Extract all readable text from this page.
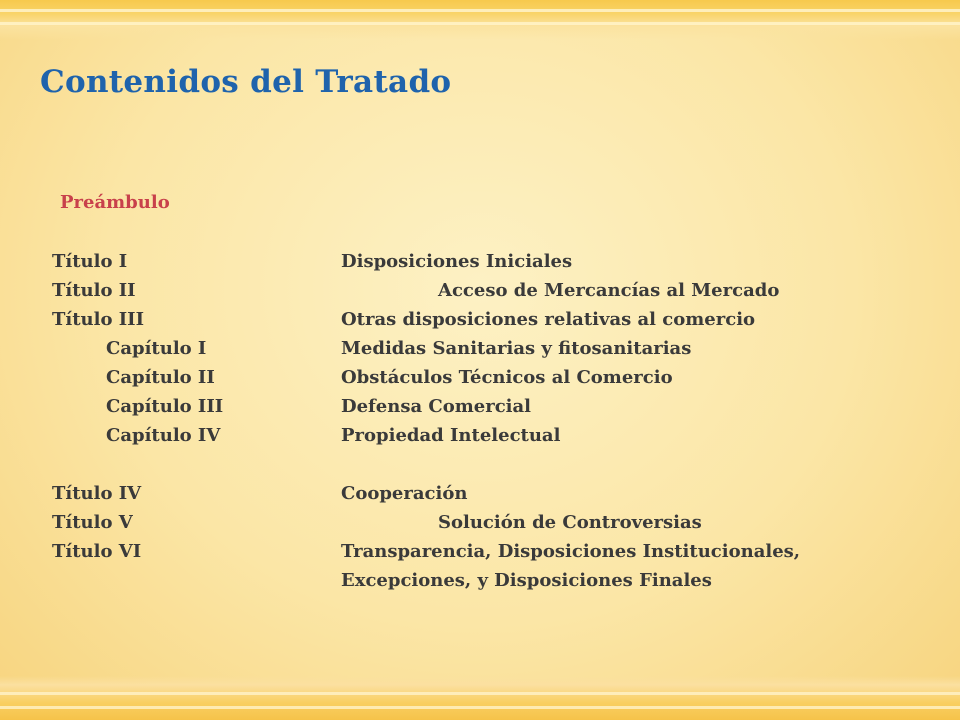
Contenidos del Tratado
Preámbulo
Título I	Disposiciones Iniciales
Título II	Acceso de Mercancías al Mercado
Título III	Otras disposiciones relativas al comercio
Capítulo I	Medidas Sanitarias y fitosanitarias
Capítulo II	Obstáculos Técnicos al Comercio
Capítulo III	Defensa Comercial
Capítulo IV	Propiedad Intelectual
Título IV	Cooperación
Título V	Solución de Controversias
Título VI	Transparencia, Disposiciones Institucionales,
Excepciones, y Disposiciones Finales
